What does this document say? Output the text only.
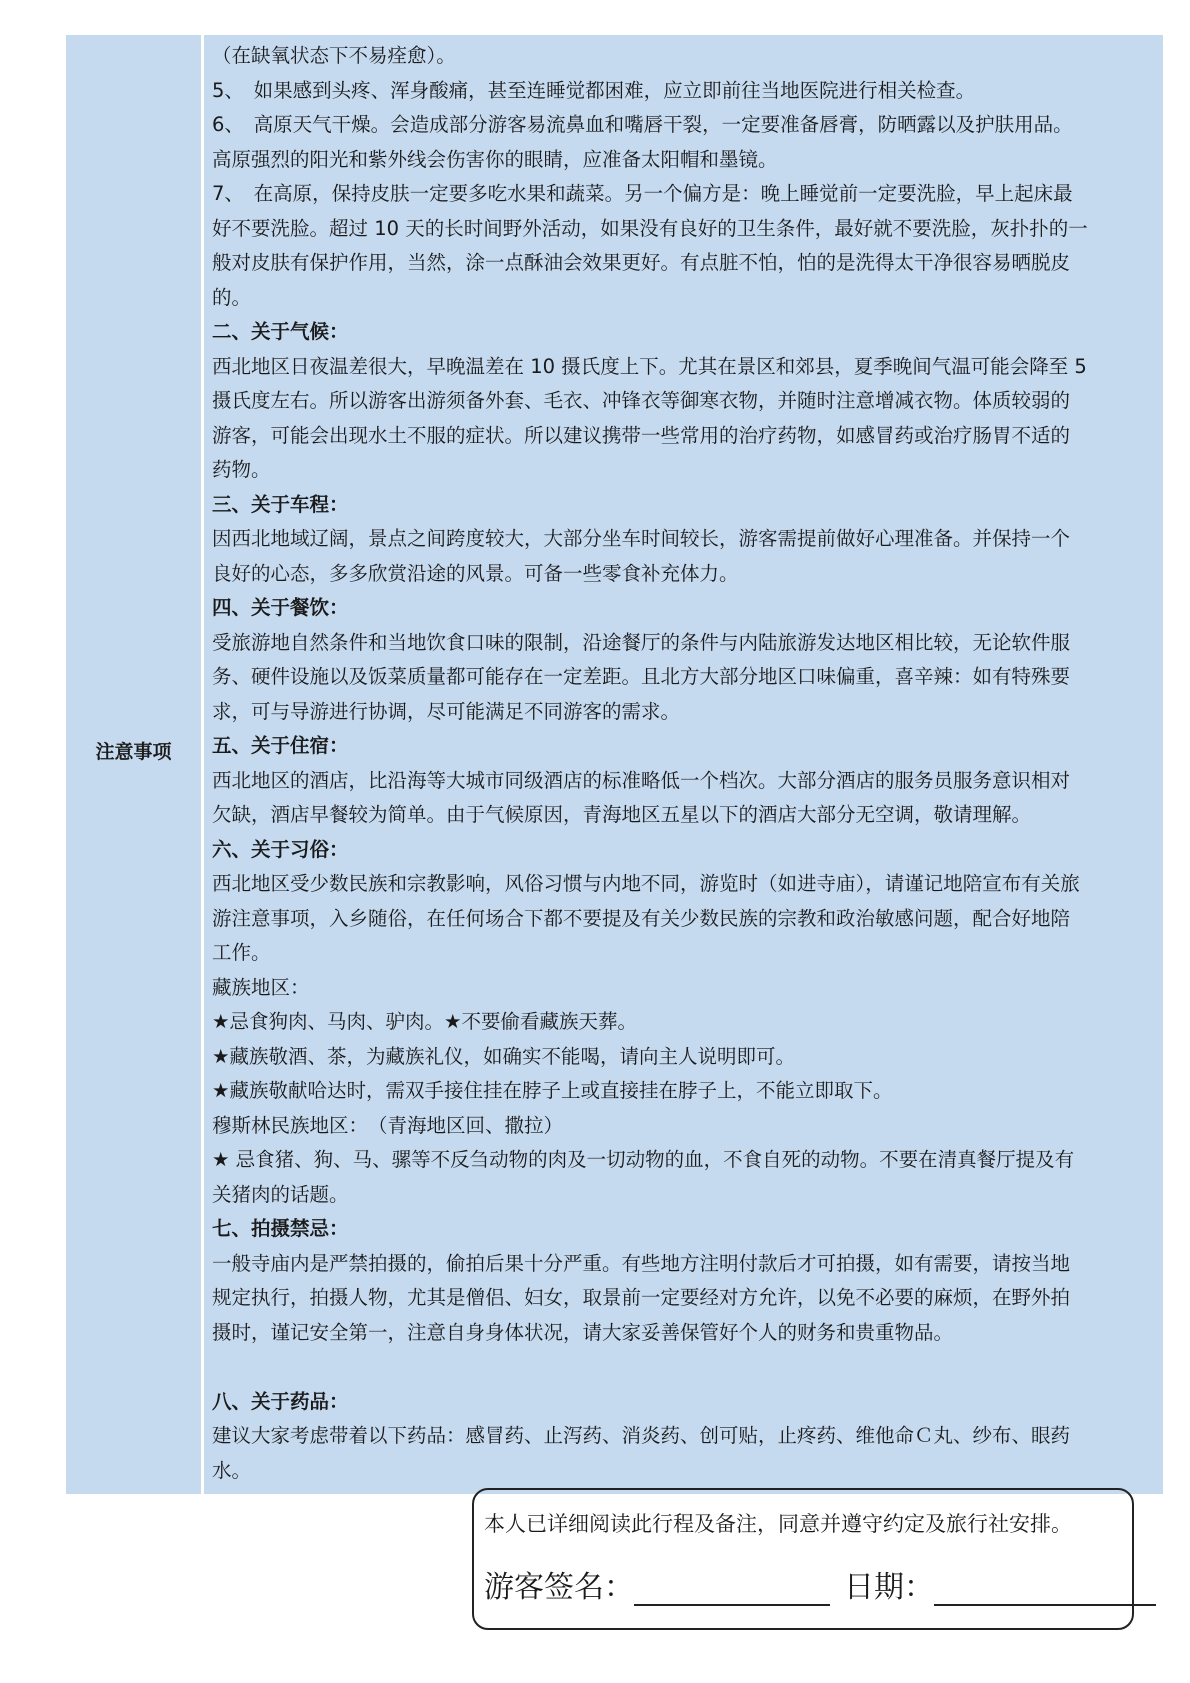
注意事项

（在缺氧状态下不易痊愈）。

5、　如果感到头疼、浑身酸痛，甚至连睡觉都困难，应立即前往当地医院进行相关检查。

6、　高原天气干燥。会造成部分游客易流鼻血和嘴唇干裂，一定要准备唇膏，防晒露以及护肤用品。

高原强烈的阳光和紫外线会伤害你的眼睛，应准备太阳帽和墨镜。

7、　在高原，保持皮肤一定要多吃水果和蔬菜。另一个偏方是：晚上睡觉前一定要洗脸，早上起床最

好不要洗脸。超过 10 天的长时间野外活动，如果没有良好的卫生条件，最好就不要洗脸，灰扑扑的一

般对皮肤有保护作用，当然，涂一点酥油会效果更好。有点脏不怕，怕的是洗得太干净很容易晒脱皮

的。

二、关于气候：

西北地区日夜温差很大，早晚温差在 10 摄氏度上下。尤其在景区和郊县，夏季晚间气温可能会降至 5

摄氏度左右。所以游客出游须备外套、毛衣、冲锋衣等御寒衣物，并随时注意增减衣物。体质较弱的

游客，可能会出现水土不服的症状。所以建议携带一些常用的治疗药物，如感冒药或治疗肠胃不适的

药物。

三、关于车程：

因西北地域辽阔，景点之间跨度较大，大部分坐车时间较长，游客需提前做好心理准备。并保持一个

良好的心态，多多欣赏沿途的风景。可备一些零食补充体力。

四、关于餐饮：

受旅游地自然条件和当地饮食口味的限制，沿途餐厅的条件与内陆旅游发达地区相比较，无论软件服

务、硬件设施以及饭菜质量都可能存在一定差距。且北方大部分地区口味偏重，喜辛辣：如有特殊要

求，可与导游进行协调，尽可能满足不同游客的需求。

五、关于住宿：

西北地区的酒店，比沿海等大城市同级酒店的标准略低一个档次。大部分酒店的服务员服务意识相对

欠缺，酒店早餐较为简单。由于气候原因，青海地区五星以下的酒店大部分无空调，敬请理解。

六、关于习俗：

西北地区受少数民族和宗教影响，风俗习惯与内地不同，游览时（如进寺庙），请谨记地陪宣布有关旅

游注意事项，入乡随俗，在任何场合下都不要提及有关少数民族的宗教和政治敏感问题，配合好地陪

工作。

藏族地区：

★忌食狗肉、马肉、驴肉。★不要偷看藏族天葬。

★藏族敬酒、茶，为藏族礼仪，如确实不能喝，请向主人说明即可。

★藏族敬献哈达时，需双手接住挂在脖子上或直接挂在脖子上，不能立即取下。

穆斯林民族地区：　（青海地区回、撒拉）

★ 忌食猪、狗、马、骡等不反刍动物的肉及一切动物的血，不食自死的动物。不要在清真餐厅提及有

关猪肉的话题。

七、拍摄禁忌：

一般寺庙内是严禁拍摄的，偷拍后果十分严重。有些地方注明付款后才可拍摄，如有需要，请按当地

规定执行，拍摄人物，尤其是僧侣、妇女，取景前一定要经对方允许，以免不必要的麻烦，在野外拍

摄时，谨记安全第一，注意自身身体状况，请大家妥善保管好个人的财务和贵重物品。

八、关于药品：

建议大家考虑带着以下药品：感冒药、止泻药、消炎药、创可贴，止疼药、维他命Ｃ丸、纱布、眼药

水。

本人已详细阅读此行程及备注，同意并遵守约定及旅行社安排。
游客签名：	日期：
